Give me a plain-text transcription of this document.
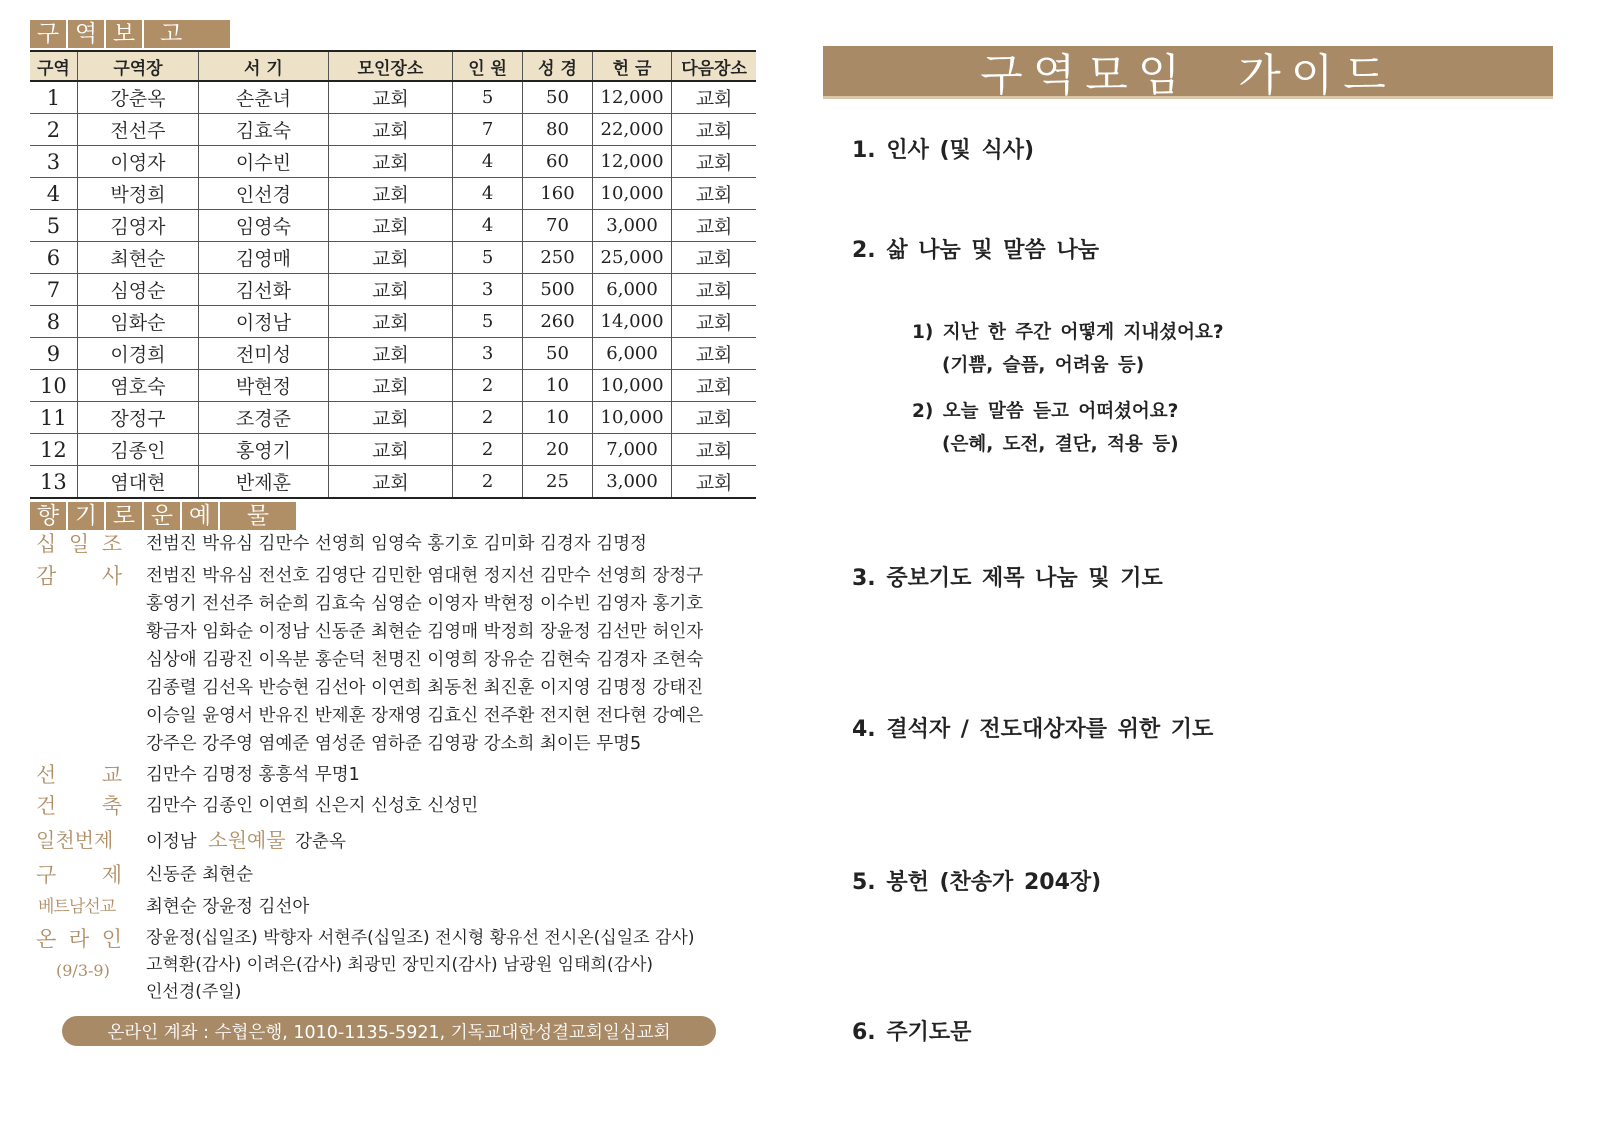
구 역 보	고
구역	구역장	서 기	모인장소	인 원	성 경	헌 금	다음장소
1	강춘옥	손춘녀	교회	5	50	12,000	교회
2	전선주	김효숙	교회	7	80	22,000	교회
3	이영자	이수빈	교회	4	60	12,000	교회
4	박정희	인선경	교회	4	160	10,000	교회
5	김영자	임영숙	교회	4	70	3,000	교회
6	최현순	김영매	교회	5	250	25,000	교회
7	심영순	김선화	교회	3	500	6,000	교회
8	임화순	이정남	교회	5	260	14,000	교회
9	이경희	전미성	교회	3	50	6,000	교회
10	염호숙	박현정	교회	2	10	10,000	교회
11	장정구	조경준	교회	2	10	10,000	교회
12	김종인	홍영기	교회	2	20	7,000	교회
13	염대현	반제훈	교회	2	25	3,000	교회
향 기 로 운 예	물
십 일 조 전범진 박유심 김만수 선영희 임영숙 홍기호 김미화 김경자 김명정
감 사 전범진 박유심 전선호 김영단 김민한 염대현 정지선 김만수 선영희 장정구
홍영기 전선주 허순희 김효숙 심영순 이영자 박현정 이수빈 김영자 홍기호
황금자 임화순 이정남 신동준 최현순 김영매 박정희 장윤정 김선만 허인자
심상애 김광진 이옥분 홍순덕 천명진 이영희 장유순 김현숙 김경자 조현숙
김종렬 김선옥 반승현 김선아 이연희 최동천 최진훈 이지영 김명정 강태진
이승일 윤영서 반유진 반제훈 장재영 김효신 전주환 전지현 전다현 강예은
강주은 강주영 염예준 염성준 염하준 김영광 강소희 최이든 무명5
선 교 김만수 김명정 홍흥석 무명1
건 축 김만수 김종인 이연희 신은지 신성호 신성민
일천번제	이정남 소원예물 강춘옥
구 제 신동준 최현순
베트남선교	최현순 장윤정 김선아
온 라 인
(9/3-9)
장윤정(십일조) 박향자 서현주(십일조) 전시형 황유선 전시온(십일조 감사)
고혁환(감사) 이려은(감사) 최광민 장민지(감사) 남광원 임태희(감사)
인선경(주일)
온라인 계좌 : 수협은행, 1010-1135-5921, 기독교대한성결교회일심교회
구역모임  가이드
1. 인사 (및 식사)
2. 삶 나눔 및 말씀 나눔
1) 지난 한 주간 어떻게 지내셨어요?
(기쁨, 슬픔, 어려움 등)
2) 오늘 말씀 듣고 어떠셨어요?
(은혜, 도전, 결단, 적용 등)
3. 중보기도 제목 나눔 및 기도
4. 결석자 / 전도대상자를 위한 기도
5. 봉헌 (찬송가 204장)
6. 주기도문
